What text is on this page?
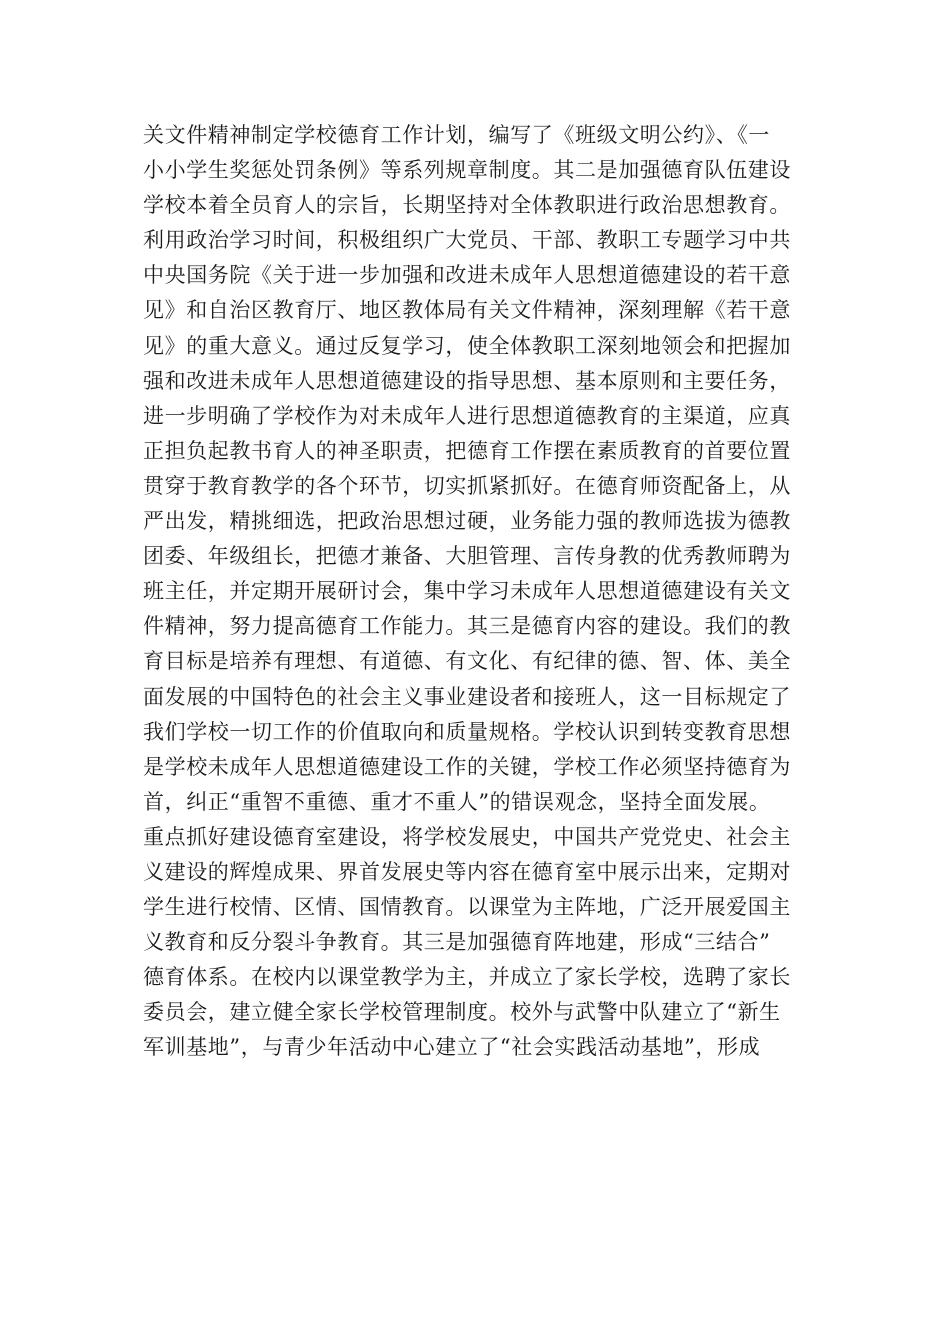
关文件精神制定学校德育工作计划，编写了《班级文明公约》、《一
小小学生奖惩处罚条例》等系列规章制度。其二是加强德育队伍建设
学校本着全员育人的宗旨，长期坚持对全体教职进行政治思想教育。
利用政治学习时间，积极组织广大党员、干部、教职工专题学习中共
中央国务院《关于进一步加强和改进未成年人思想道德建设的若干意
见》和自治区教育厅、地区教体局有关文件精神，深刻理解《若干意
见》的重大意义。通过反复学习，使全体教职工深刻地领会和把握加
强和改进未成年人思想道德建设的指导思想、基本原则和主要任务，
进一步明确了学校作为对未成年人进行思想道德教育的主渠道，应真
正担负起教书育人的神圣职责，把德育工作摆在素质教育的首要位置
贯穿于教育教学的各个环节，切实抓紧抓好。在德育师资配备上，从
严出发，精挑细选，把政治思想过硬，业务能力强的教师选拔为德教
团委、年级组长，把德才兼备、大胆管理、言传身教的优秀教师聘为
班主任，并定期开展研讨会，集中学习未成年人思想道德建设有关文
件精神，努力提高德育工作能力。其三是德育内容的建设。我们的教
育目标是培养有理想、有道德、有文化、有纪律的德、智、体、美全
面发展的中国特色的社会主义事业建设者和接班人，这一目标规定了
我们学校一切工作的价值取向和质量规格。学校认识到转变教育思想
是学校未成年人思想道德建设工作的关键，学校工作必须坚持德育为
首，纠正“重智不重德、重才不重人”的错误观念，坚持全面发展。
重点抓好建设德育室建设，将学校发展史，中国共产党党史、社会主
义建设的辉煌成果、界首发展史等内容在德育室中展示出来，定期对
学生进行校情、区情、国情教育。以课堂为主阵地，广泛开展爱国主
义教育和反分裂斗争教育。其三是加强德育阵地建，形成“三结合”
德育体系。在校内以课堂教学为主，并成立了家长学校，选聘了家长
委员会，建立健全家长学校管理制度。校外与武警中队建立了“新生
军训基地”，与青少年活动中心建立了“社会实践活动基地”，形成
